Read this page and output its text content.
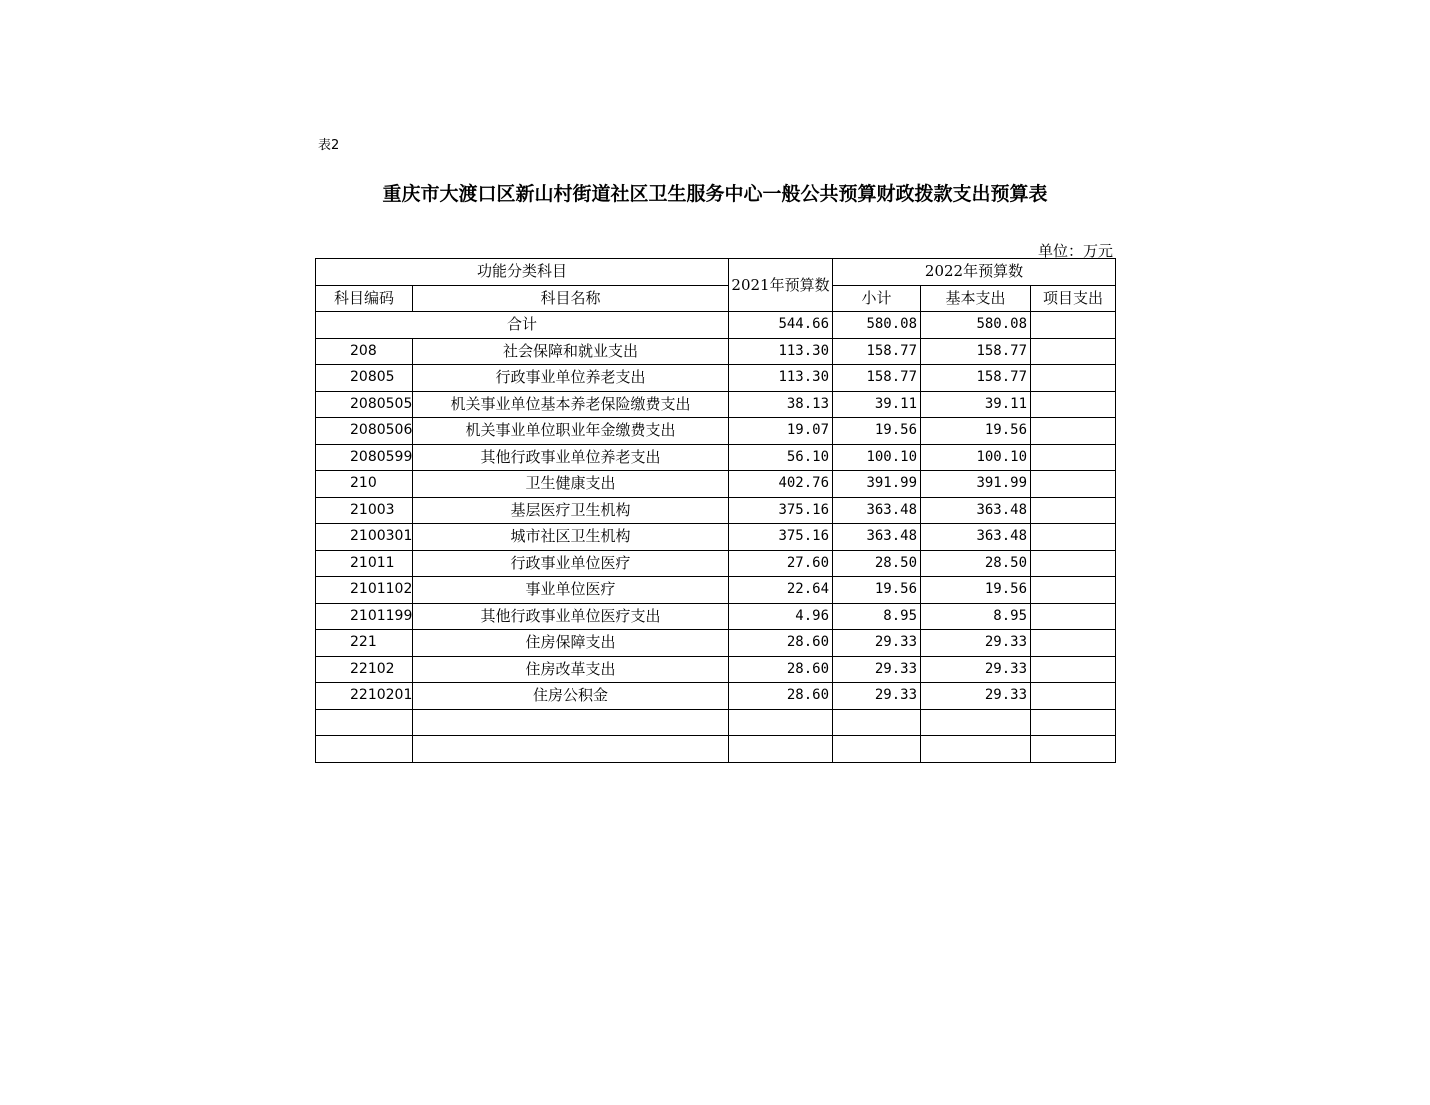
表2
重庆市大渡口区新山村街道社区卫生服务中心一般公共预算财政拨款支出预算表
单位：万元
功能分类科目		2021年预算数	2022年预算数		
科目编码	科目名称		小计	基本支出	项目支出
合计		544.66	580.08	580.08	
208	社会保障和就业支出	113.30	158.77	158.77	
20805	行政事业单位养老支出	113.30	158.77	158.77	
2080505	机关事业单位基本养老保险缴费支出	38.13	39.11	39.11	
2080506	机关事业单位职业年金缴费支出	19.07	19.56	19.56	
2080599	其他行政事业单位养老支出	56.10	100.10	100.10	
210	卫生健康支出	402.76	391.99	391.99	
21003	基层医疗卫生机构	375.16	363.48	363.48	
2100301	城市社区卫生机构	375.16	363.48	363.48	
21011	行政事业单位医疗	27.60	28.50	28.50	
2101102	事业单位医疗	22.64	19.56	19.56	
2101199	其他行政事业单位医疗支出	4.96	8.95	8.95	
221	住房保障支出	28.60	29.33	29.33	
22102	住房改革支出	28.60	29.33	29.33	
2210201	住房公积金	28.60	29.33	29.33	
